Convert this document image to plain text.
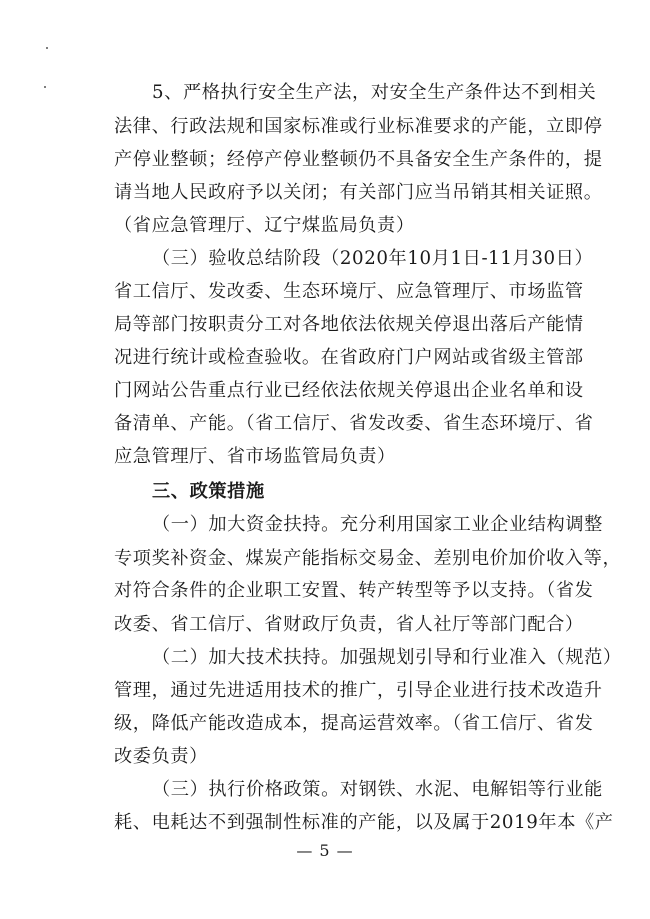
5、严格执行安全生产法，对安全生产条件达不到相关
法律、行政法规和国家标准或行业标准要求的产能，立即停
产停业整顿；经停产停业整顿仍不具备安全生产条件的，提
请当地人民政府予以关闭；有关部门应当吊销其相关证照。
（省应急管理厅、辽宁煤监局负责）
（三）验收总结阶段（2020年10月1日-11月30日）
省工信厅、发改委、生态环境厅、应急管理厅、市场监管
局等部门按职责分工对各地依法依规关停退出落后产能情
况进行统计或检查验收。在省政府门户网站或省级主管部
门网站公告重点行业已经依法依规关停退出企业名单和设
备清单、产能。（省工信厅、省发改委、省生态环境厅、省
应急管理厅、省市场监管局负责）
三、政策措施
（一）加大资金扶持。充分利用国家工业企业结构调整
专项奖补资金、煤炭产能指标交易金、差别电价加价收入等，
对符合条件的企业职工安置、转产转型等予以支持。（省发
改委、省工信厅、省财政厅负责，省人社厅等部门配合）
（二）加大技术扶持。加强规划引导和行业准入（规范）
管理，通过先进适用技术的推广，引导企业进行技术改造升
级，降低产能改造成本，提高运营效率。（省工信厅、省发
改委负责）
（三）执行价格政策。对钢铁、水泥、电解铝等行业能
耗、电耗达不到强制性标准的产能，以及属于2019年本《产
— 5 —
